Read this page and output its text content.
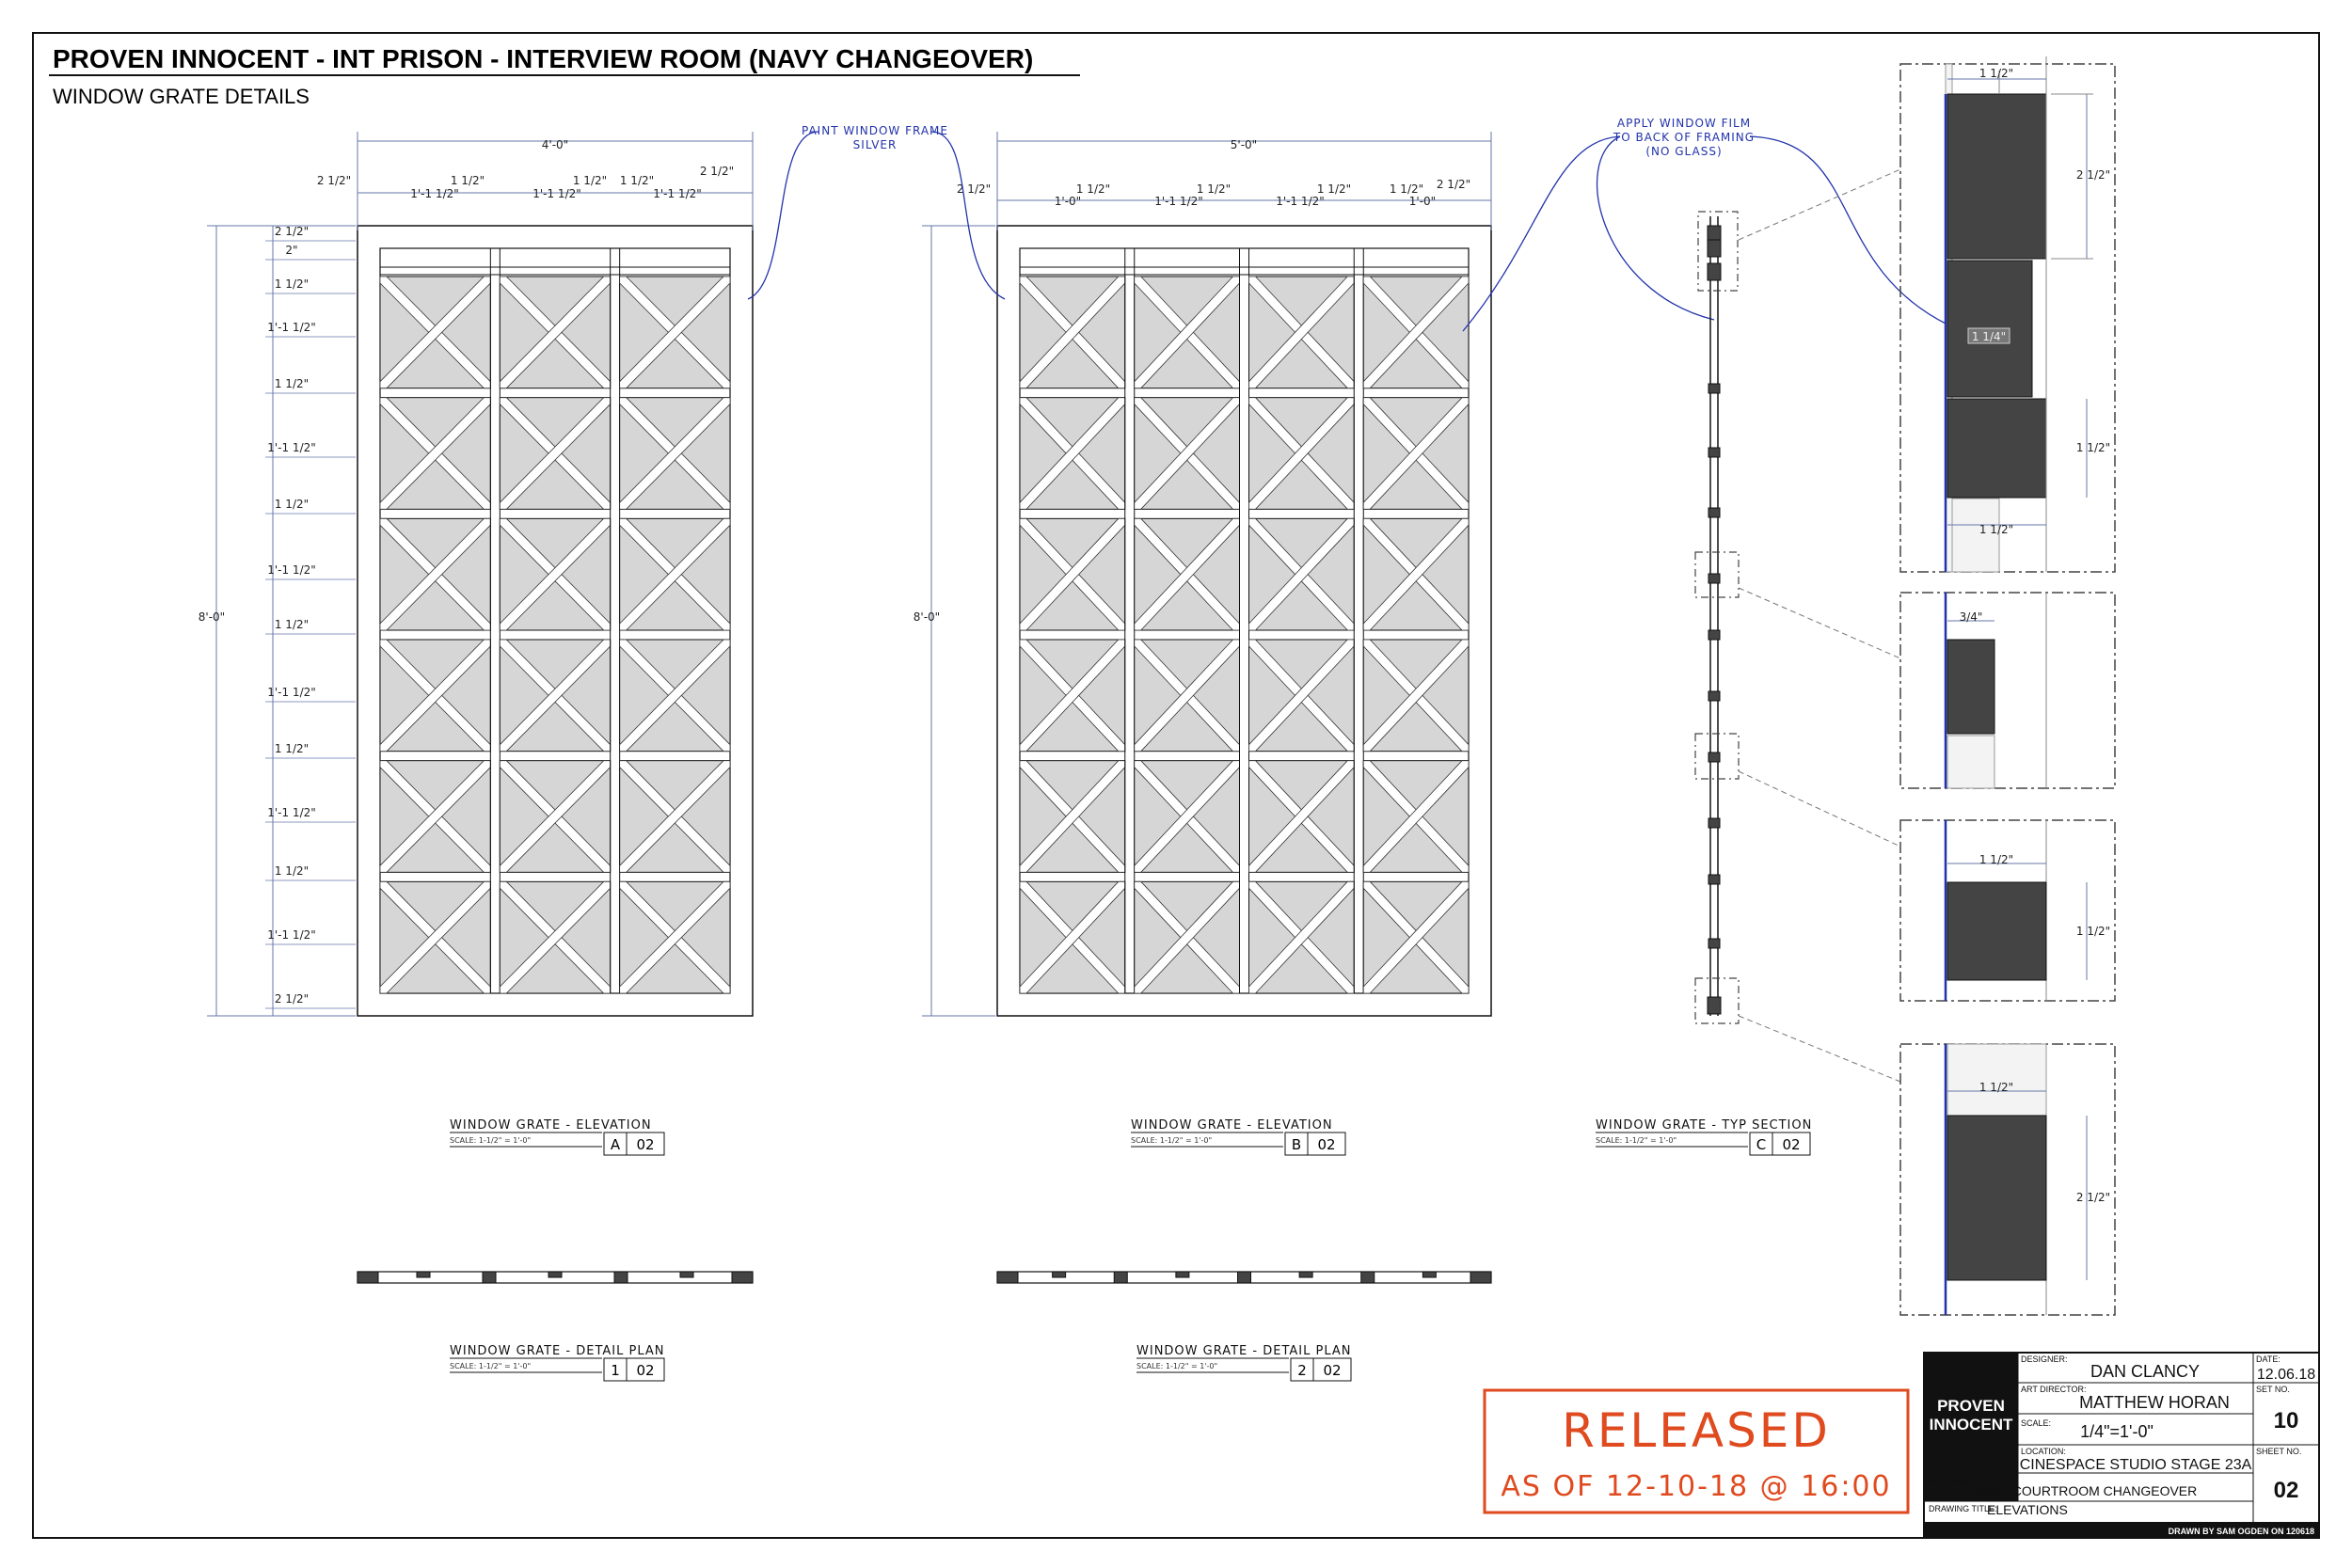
PROVEN INNOCENT - INT PRISON - INTERVIEW ROOM (NAVY CHANGEOVER)
WINDOW GRATE DETAILS
4'-0"
2 1/2"	1 1/2"
1'-1 1/2"
1 1/2"
1'-1 1/2"
1 1/2"
1'-1 1/2"
2 1/2"
8'-0"
2 1/2"
2"
1 1/2"
1'-1 1/2"
1 1/2"
1'-1 1/2"
1 1/2"
1'-1 1/2"
1 1/2"
1'-1 1/2"
1 1/2"
1'-1 1/2"
1 1/2"
1'-1 1/2"
2 1/2"
5'-0"
2 1/2"	1 1/2"
1'-0"
1 1/2"
1'-1 1/2"
1 1/2"
1'-1 1/2"
1 1/2"
1'-0"
2 1/2"
8'-0"
PAINT WINDOW FRAME
SILVER
APPLY WINDOW FILM
TO BACK OF FRAMING
(NO GLASS)
1 1/2"
2 1/2"
1 1/4"
1 1/2"
1 1/2"
3/4"
1 1/2"
1 1/2"
1 1/2"
2 1/2"
WINDOW GRATE - ELEVATION
SCALE: 1-1/2" = 1'-0"	A 02
WINDOW GRATE - ELEVATION
SCALE: 1-1/2" = 1'-0"	B 02
WINDOW GRATE - TYP SECTION
SCALE: 1-1/2" = 1'-0"	C 02
WINDOW GRATE - DETAIL PLAN
SCALE: 1-1/2" = 1'-0"	1 02
WINDOW GRATE - DETAIL PLAN
SCALE: 1-1/2" = 1'-0"	2 02
RELEASED
AS OF 12-10-18 @ 16:00
PROVEN
INNOCENT
DESIGNER:
DAN CLANCY
ART DIRECTOR:
MATTHEW HORAN
SCALE: 1/4"=1'-0"
LOCATION:
CINESPACE STUDIO STAGE 23A
SET NAME:
NAVY COURTROOM CHANGEOVER
DRAWING TITLE:
ELEVATIONS
DATE:
12.06.18
SET NO.
10
SHEET NO.
02
DRAWN BY SAM OGDEN ON 120618
